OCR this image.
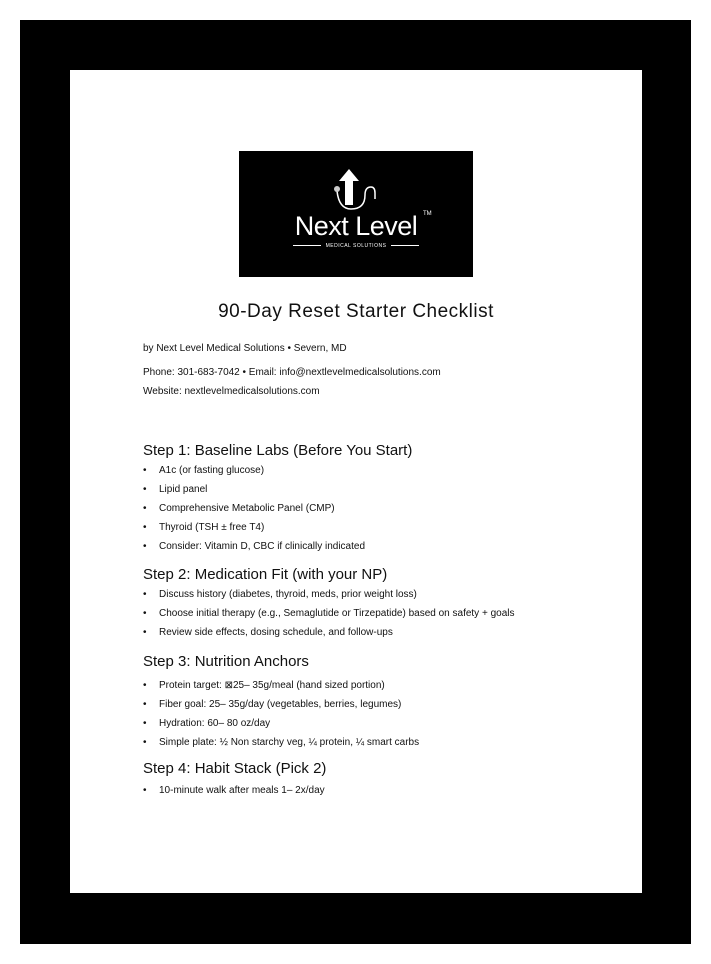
Next Level TM
MEDICAL SOLUTIONS
90-Day Reset Starter Checklist
by Next Level Medical Solutions • Severn, MD
Phone: 301-683-7042 • Email: info@nextlevelmedicalsolutions.com
Website: nextlevelmedicalsolutions.com
Step 1: Baseline Labs (Before You Start)
• A1c (or fasting glucose)
• Lipid panel
• Comprehensive Metabolic Panel (CMP)
• Thyroid (TSH ± free T4)
• Consider: Vitamin D, CBC if clinically indicated
Step 2: Medication Fit (with your NP)
• Discuss history (diabetes, thyroid, meds, prior weight loss)
• Choose initial therapy (e.g., Semaglutide or Tirzepatide) based on safety + goals
• Review side effects, dosing schedule, and follow-ups
Step 3: Nutrition Anchors
• Protein target: ⊠25– 35g/meal (hand sized portion)
• Fiber goal: 25– 35g/day (vegetables, berries, legumes)
• Hydration: 60– 80 oz/day
• Simple plate: ½ Non starchy veg, ¼ protein, ¼ smart carbs
Step 4: Habit Stack (Pick 2)
• 10-minute walk after meals 1– 2x/day
